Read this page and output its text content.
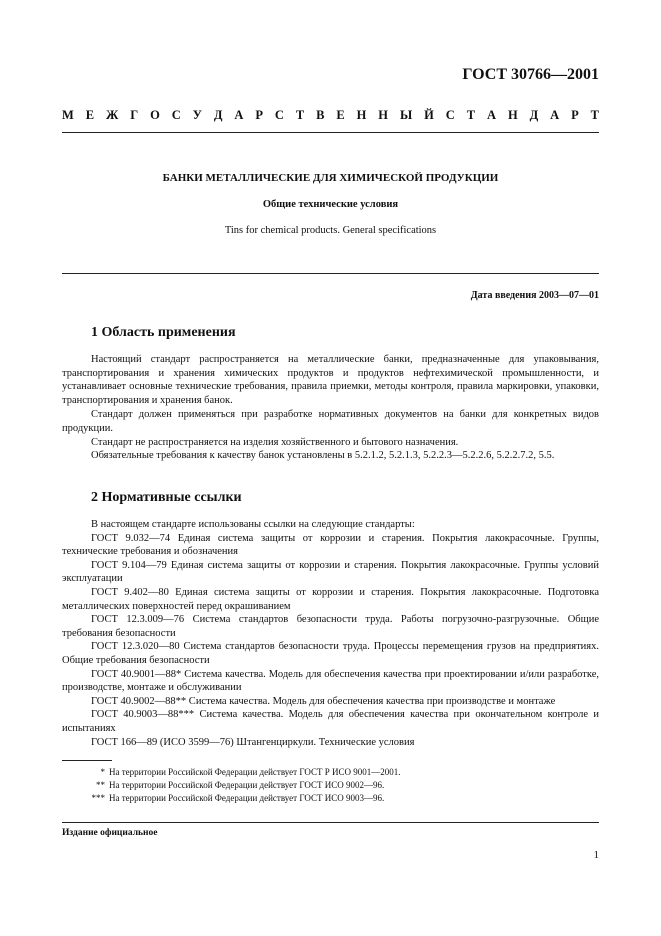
ГОСТ 30766—2001
М Е Ж Г О С У Д А Р С Т В Е Н Н Ы Й С Т А Н Д А Р Т
БАНКИ МЕТАЛЛИЧЕСКИЕ ДЛЯ ХИМИЧЕСКОЙ ПРОДУКЦИИ
Общие технические условия
Tins for chemical products. General specifications
Дата введения 2003—07—01
1 Область применения

Настоящий стандарт распространяется на металлические банки, предназначенные для упаковывания, транспортирования и хранения химических продуктов и продуктов нефтехимической промышленности, и устанавливает основные технические требования, правила приемки, методы контроля, правила маркировки, упаковки, транспортирования и хранения банок.

Стандарт должен применяться при разработке нормативных документов на банки для конкретных видов продукции.

Стандарт не распространяется на изделия хозяйственного и бытового назначения.

Обязательные требования к качеству банок установлены в 5.2.1.2, 5.2.1.3, 5.2.2.3—5.2.2.6, 5.2.2.7.2, 5.5.

2 Нормативные ссылки
В настоящем стандарте использованы ссылки на следующие стандарты:
ГОСТ 9.032—74 Единая система защиты от коррозии и старения. Покрытия лакокрасочные. Группы, технические требования и обозначения
ГОСТ 9.104—79 Единая система защиты от коррозии и старения. Покрытия лакокрасочные. Группы условий эксплуатации
ГОСТ 9.402—80 Единая система защиты от коррозии и старения. Покрытия лакокрасочные. Подготовка металлических поверхностей перед окрашиванием
ГОСТ 12.3.009—76 Система стандартов безопасности труда. Работы погрузочно-разгрузочные. Общие требования безопасности
ГОСТ 12.3.020—80 Система стандартов безопасности труда. Процессы перемещения грузов на предприятиях. Общие требования безопасности
ГОСТ 40.9001—88* Система качества. Модель для обеспечения качества при проектировании и/или разработке, производстве, монтаже и обслуживании
ГОСТ 40.9002—88** Система качества. Модель для обеспечения качества при производстве и монтаже
ГОСТ 40.9003—88*** Система качества. Модель для обеспечения качества при окончательном контроле и испытаниях
ГОСТ 166—89 (ИСО 3599—76) Штангенциркули. Технические условия
* На территории Российской Федерации действует ГОСТ Р ИСО 9001—2001.
** На территории Российской Федерации действует ГОСТ ИСО 9002—96.
*** На территории Российской Федерации действует ГОСТ ИСО 9003—96.
Издание официальное
1
